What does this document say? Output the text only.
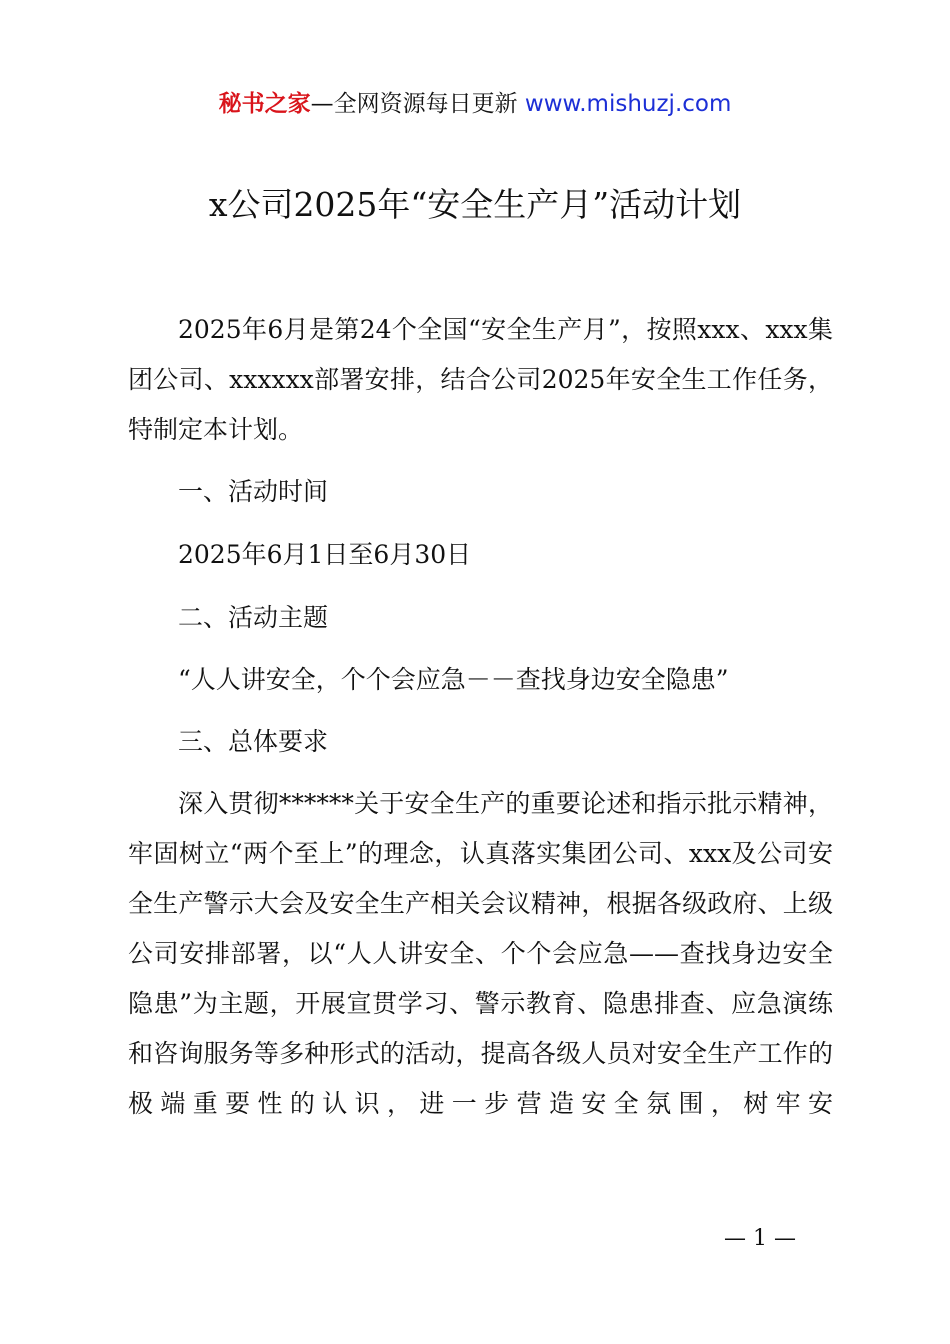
秘书之家—全网资源每日更新 www.mishuzj.com
x公司2025年“安全生产月”活动计划
2025年6月是第24个全国“安全生产月”，按照xxx、xxx集团公司、xxxxxx部署安排，结合公司2025年安全生工作任务，特制定本计划。
一、活动时间
2025年6月1日至6月30日
二、活动主题
“人人讲安全，个个会应急－－查找身边安全隐患”
三、总体要求
深入贯彻******关于安全生产的重要论述和指示批示精神，牢固树立“两个至上”的理念，认真落实集团公司、xxx及公司安全生产警示大会及安全生产相关会议精神，根据各级政府、上级公司安排部署，以“人人讲安全、个个会应急——查找身边安全隐患”为主题，开展宣贯学习、警示教育、隐患排查、应急演练和咨询服务等多种形式的活动，提高各级人员对安全生产工作的极端重要性的认识，进一步营造安全氛围，树牢安
— 1 —
